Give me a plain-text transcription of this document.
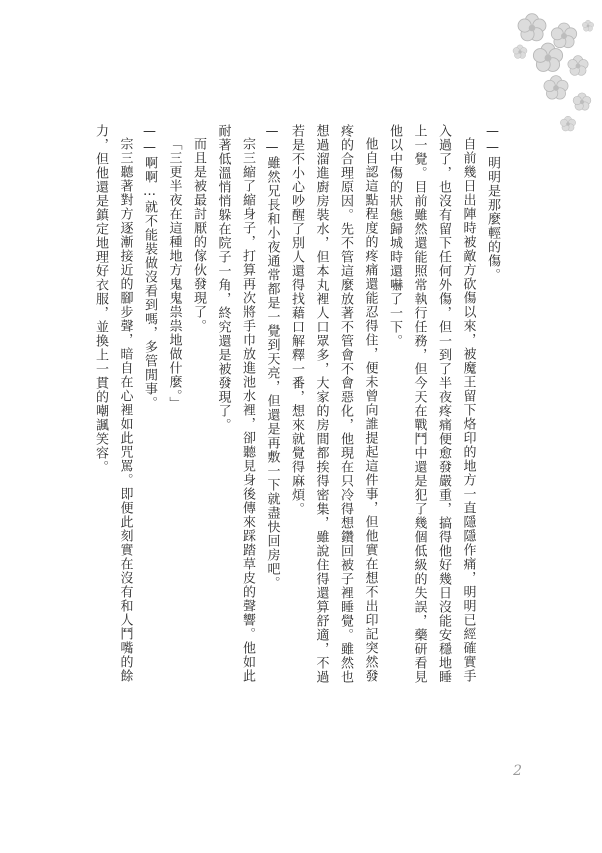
——明明是那麼輕的傷。

自前幾日出陣時被敵方砍傷以來，被魔王留下烙印的地方一直隱隱作痛，明明已經確實手入過了，也沒有留下任何外傷，但一到了半夜疼痛便愈發嚴重，搞得他好幾日沒能安穩地睡上一覺。目前雖然還能照常執行任務，但今天在戰鬥中還是犯了幾個低級的失誤，藥研看見他以中傷的狀態歸城時還嚇了一下。

他自認這點程度的疼痛還能忍得住，便未曾向誰提起這件事，但他實在想不出印記突然發疼的合理原因。先不管這麼放著不管會不會惡化，他現在只冷得想鑽回被子裡睡覺。雖然也想過溜進廚房裝水，但本丸裡人口眾多，大家的房間都挨得密集，雖說住得還算舒適，不過若是不小心吵醒了別人還得找藉口解釋一番，想來就覺得麻煩。

——雖然兄長和小夜通常都是一覺到天亮，但還是再敷一下就盡快回房吧。

宗三縮了縮身子，打算再次將手巾放進池水裡，卻聽見身後傳來踩踏草皮的聲響。他如此耐著低溫悄悄躲在院子一角，終究還是被發現了。

而且是被最討厭的傢伙發現了。

「三更半夜在這種地方鬼鬼祟祟地做什麼。」

——啊啊…就不能裝做沒看到嗎，多管閒事。

宗三聽著對方逐漸接近的腳步聲，暗自在心裡如此咒罵。即便此刻實在沒有和人鬥嘴的餘力，但他還是鎮定地理好衣服，並換上一貫的嘲諷笑容。

2
